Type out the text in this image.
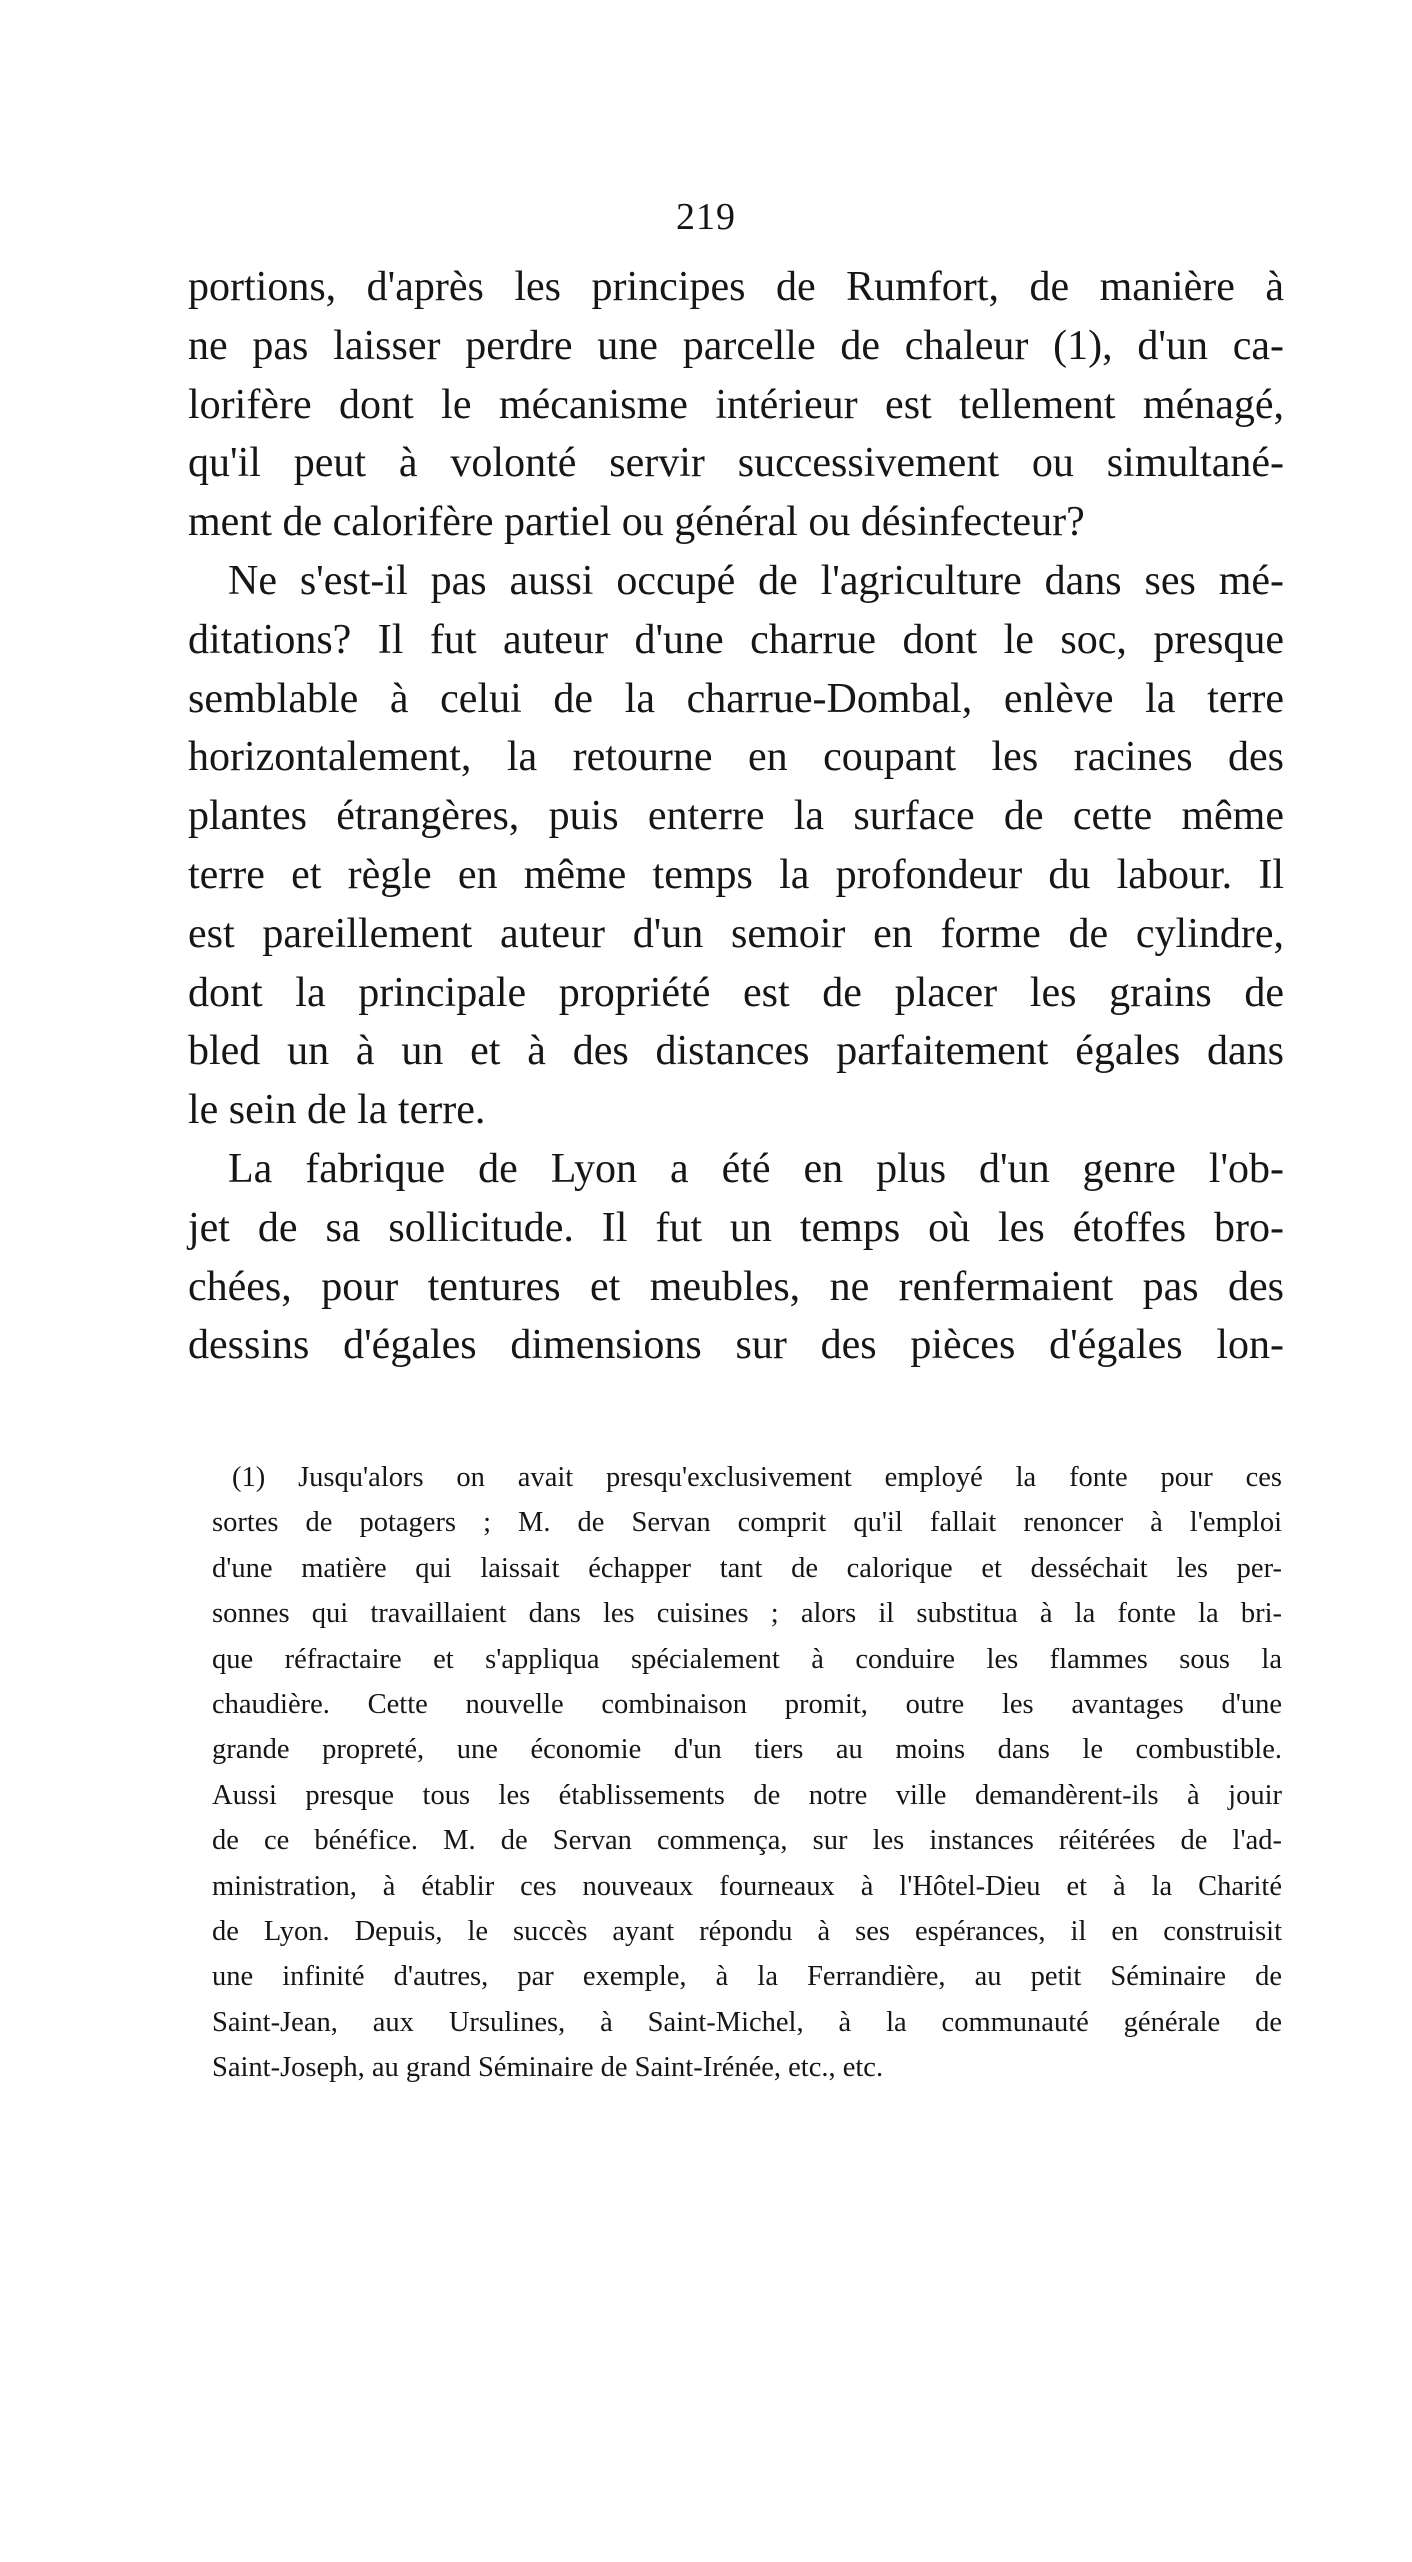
219
portions, d'après les principes de Rumfort, de manière à
ne pas laisser perdre une parcelle de chaleur (1), d'un ca-
lorifère dont le mécanisme intérieur est tellement ménagé,
qu'il peut à volonté servir successivement ou simultané-
ment de calorifère partiel ou général ou désinfecteur?
Ne s'est-il pas aussi occupé de l'agriculture dans ses mé-
ditations? Il fut auteur d'une charrue dont le soc, presque
semblable à celui de la charrue-Dombal, enlève la terre
horizontalement, la retourne en coupant les racines des
plantes étrangères, puis enterre la surface de cette même
terre et règle en même temps la profondeur du labour. Il
est pareillement auteur d'un semoir en forme de cylindre,
dont la principale propriété est de placer les grains de
bled un à un et à des distances parfaitement égales dans
le sein de la terre.
La fabrique de Lyon a été en plus d'un genre l'ob-
jet de sa sollicitude. Il fut un temps où les étoffes bro-
chées, pour tentures et meubles, ne renfermaient pas des
dessins d'égales dimensions sur des pièces d'égales lon-
(1) Jusqu'alors on avait presqu'exclusivement employé la fonte pour ces
sortes de potagers ; M. de Servan comprit qu'il fallait renoncer à l'emploi
d'une matière qui laissait échapper tant de calorique et desséchait les per-
sonnes qui travaillaient dans les cuisines ; alors il substitua à la fonte la bri-
que réfractaire et s'appliqua spécialement à conduire les flammes sous la
chaudière. Cette nouvelle combinaison promit, outre les avantages d'une
grande propreté, une économie d'un tiers au moins dans le combustible.
Aussi presque tous les établissements de notre ville demandèrent-ils à jouir
de ce bénéfice. M. de Servan commença, sur les instances réitérées de l'ad-
ministration, à établir ces nouveaux fourneaux à l'Hôtel-Dieu et à la Charité
de Lyon. Depuis, le succès ayant répondu à ses espérances, il en construisit
une infinité d'autres, par exemple, à la Ferrandière, au petit Séminaire de
Saint-Jean, aux Ursulines, à Saint-Michel, à la communauté générale de
Saint-Joseph, au grand Séminaire de Saint-Irénée, etc., etc.
